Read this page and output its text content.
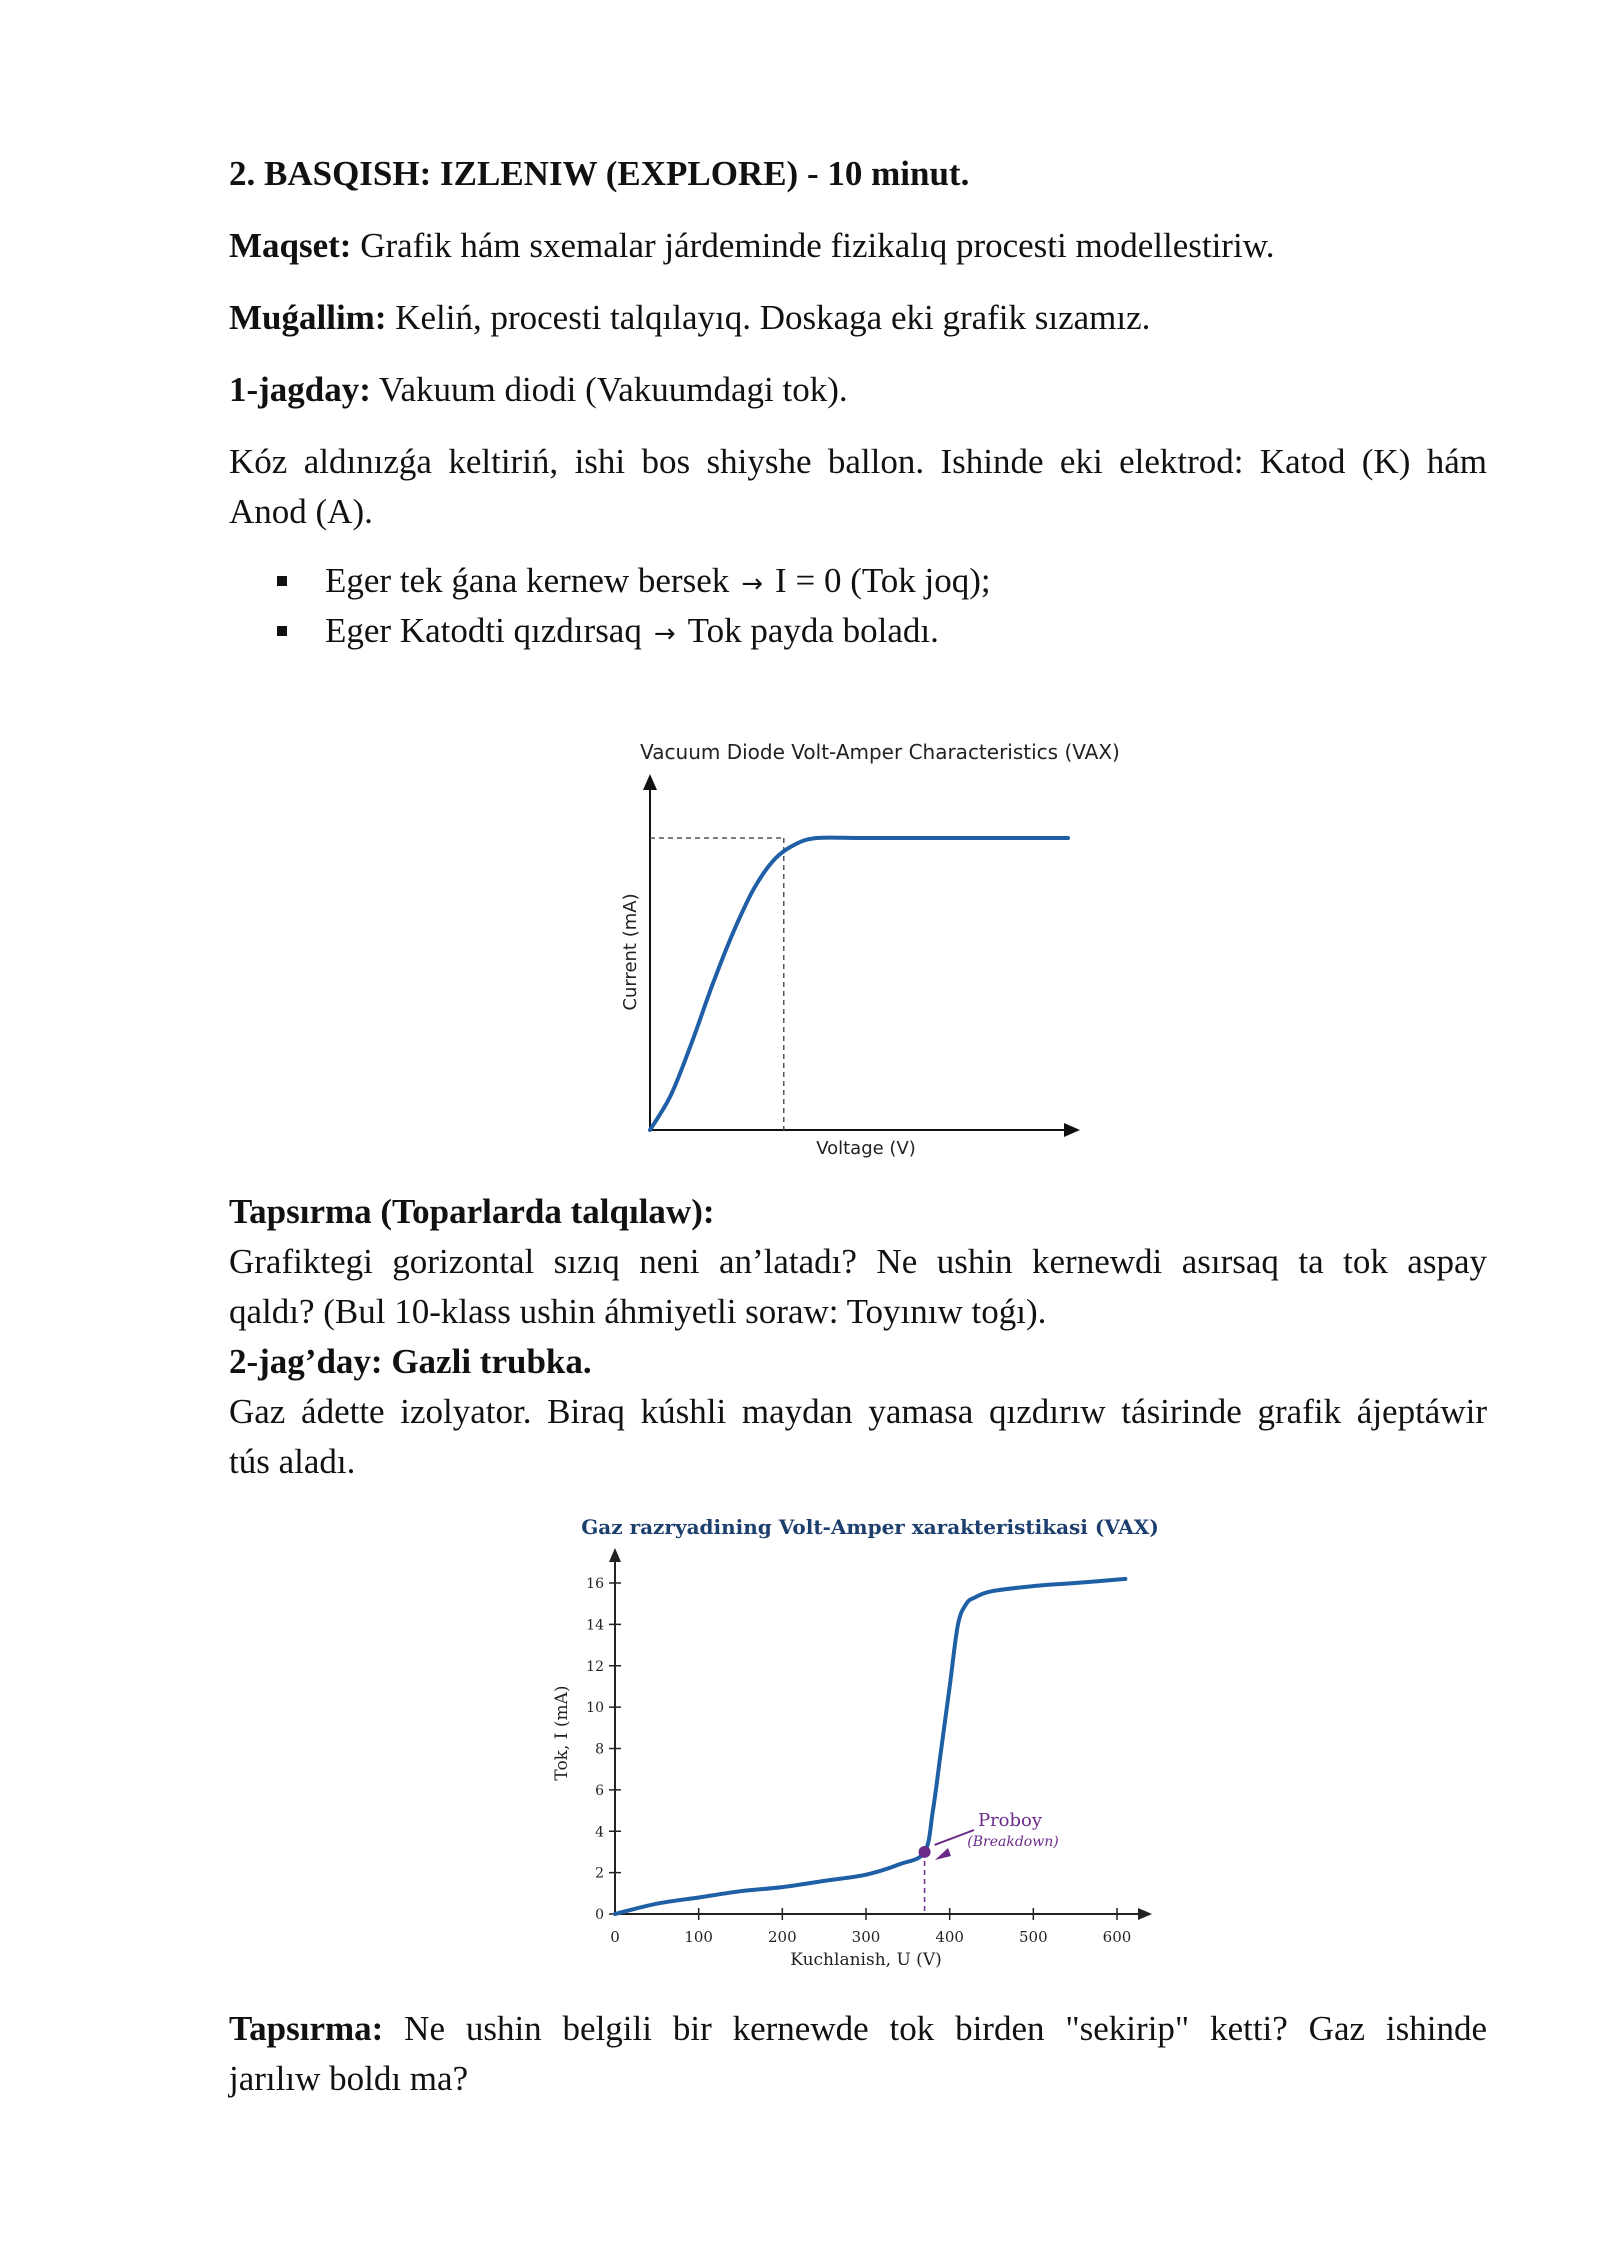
2. BASQISH: IZLENIW (EXPLORE) - 10 minut.
Maqset: Grafik hám sxemalar járdeminde fizikalıq procesti modellestiriw.
Muǵallim: Keliń, procesti talqılayıq. Doskaga eki grafik sızamız.
1-jagday: Vakuum diodi (Vakuumdagi tok).
Kóz aldınızǵa keltiriń, ishi bos shiyshe ballon. Ishinde eki elektrod: Katod (K) hám
Anod (A).
Eger tek ǵana kernew bersek → I = 0 (Tok joq);
Eger Katodti qızdırsaq → Tok payda boladı.
Vacuum Diode Volt-Amper Characteristics (VAX)
Voltage (V)
Current (mA)
Tapsırma (Toparlarda talqılaw):
Grafiktegi gorizontal sızıq neni an’latadı? Ne ushin kernewdi asırsaq ta tok aspay
qaldı? (Bul 10-klass ushin áhmiyetli soraw: Toyınıw toǵı).
2-jag’day: Gazli trubka.
Gaz ádette izolyator. Biraq kúshli maydan yamasa qızdırıw tásirinde grafik ájeptáwir
tús aladı.
Gaz razryadining Volt-Amper xarakteristikasi (VAX)
0
2
4
6
8
10
12
14
16
0	100	200	300	400	500	600
Proboy
(Breakdown)
Kuchlanish, U (V)
Tok, I (mA)
Tapsırma: Ne ushin belgili bir kernewde tok birden "sekirip" ketti? Gaz ishinde
jarılıw boldı ma?
